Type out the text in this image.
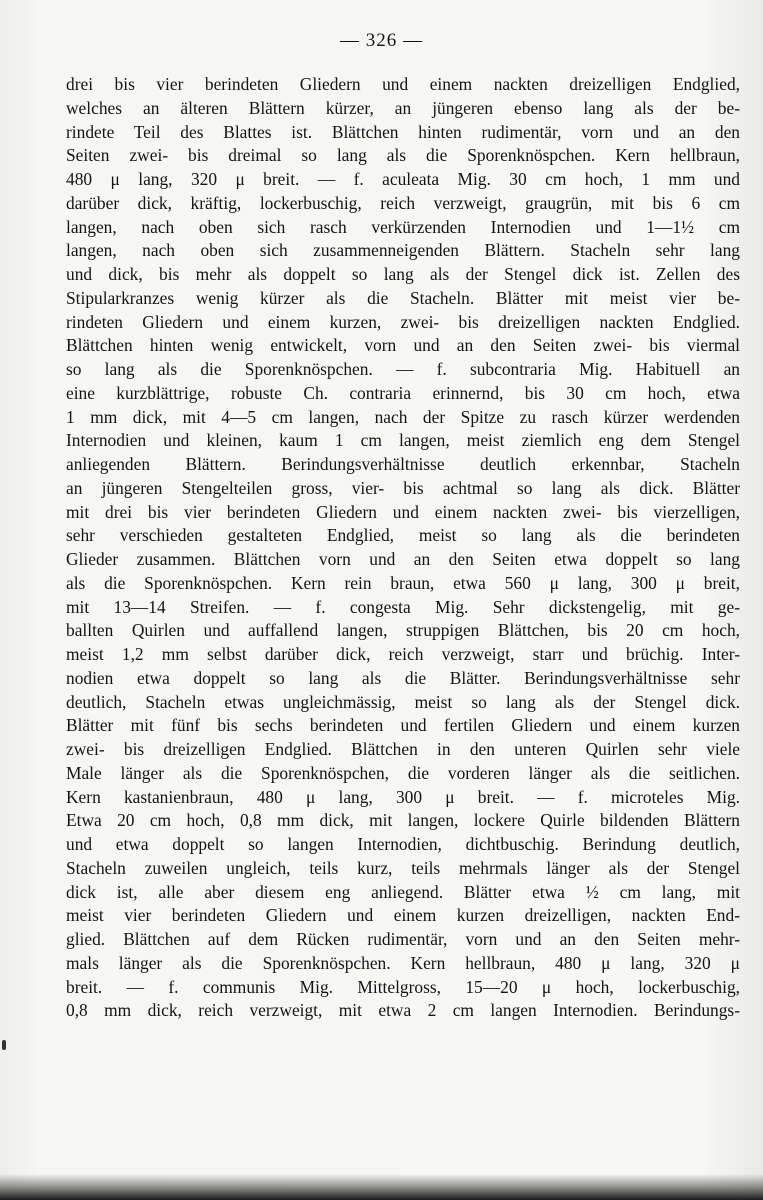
— 326 —
drei bis vier berindeten Gliedern und einem nackten dreizelligen Endglied,
welches an älteren Blättern kürzer, an jüngeren ebenso lang als der be-
rindete Teil des Blattes ist. Blättchen hinten rudimentär, vorn und an den
Seiten zwei- bis dreimal so lang als die Sporenknöspchen. Kern hellbraun,
480 μ lang, 320 μ breit. — f. aculeata Mig. 30 cm hoch, 1 mm und
darüber dick, kräftig, lockerbuschig, reich verzweigt, graugrün, mit bis 6 cm
langen, nach oben sich rasch verkürzenden Internodien und 1—1½ cm
langen, nach oben sich zusammenneigenden Blättern. Stacheln sehr lang
und dick, bis mehr als doppelt so lang als der Stengel dick ist. Zellen des
Stipularkranzes wenig kürzer als die Stacheln. Blätter mit meist vier be-
rindeten Gliedern und einem kurzen, zwei- bis dreizelligen nackten Endglied.
Blättchen hinten wenig entwickelt, vorn und an den Seiten zwei- bis viermal
so lang als die Sporenknöspchen. — f. subcontraria Mig. Habituell an
eine kurzblättrige, robuste Ch. contraria erinnernd, bis 30 cm hoch, etwa
1 mm dick, mit 4—5 cm langen, nach der Spitze zu rasch kürzer werdenden
Internodien und kleinen, kaum 1 cm langen, meist ziemlich eng dem Stengel
anliegenden Blättern. Berindungsverhältnisse deutlich erkennbar, Stacheln
an jüngeren Stengelteilen gross, vier- bis achtmal so lang als dick. Blätter
mit drei bis vier berindeten Gliedern und einem nackten zwei- bis vierzelligen,
sehr verschieden gestalteten Endglied, meist so lang als die berindeten
Glieder zusammen. Blättchen vorn und an den Seiten etwa doppelt so lang
als die Sporenknöspchen. Kern rein braun, etwa 560 μ lang, 300 μ breit,
mit 13—14 Streifen. — f. congesta Mig. Sehr dickstengelig, mit ge-
ballten Quirlen und auffallend langen, struppigen Blättchen, bis 20 cm hoch,
meist 1,2 mm selbst darüber dick, reich verzweigt, starr und brüchig. Inter-
nodien etwa doppelt so lang als die Blätter. Berindungsverhältnisse sehr
deutlich, Stacheln etwas ungleichmässig, meist so lang als der Stengel dick.
Blätter mit fünf bis sechs berindeten und fertilen Gliedern und einem kurzen
zwei- bis dreizelligen Endglied. Blättchen in den unteren Quirlen sehr viele
Male länger als die Sporenknöspchen, die vorderen länger als die seitlichen.
Kern kastanienbraun, 480 μ lang, 300 μ breit. — f. microteles Mig.
Etwa 20 cm hoch, 0,8 mm dick, mit langen, lockere Quirle bildenden Blättern
und etwa doppelt so langen Internodien, dichtbuschig. Berindung deutlich,
Stacheln zuweilen ungleich, teils kurz, teils mehrmals länger als der Stengel
dick ist, alle aber diesem eng anliegend. Blätter etwa ½ cm lang, mit
meist vier berindeten Gliedern und einem kurzen dreizelligen, nackten End-
glied. Blättchen auf dem Rücken rudimentär, vorn und an den Seiten mehr-
mals länger als die Sporenknöspchen. Kern hellbraun, 480 μ lang, 320 μ
breit. — f. communis Mig. Mittelgross, 15—20 μ hoch, lockerbuschig,
0,8 mm dick, reich verzweigt, mit etwa 2 cm langen Internodien. Berindungs-
